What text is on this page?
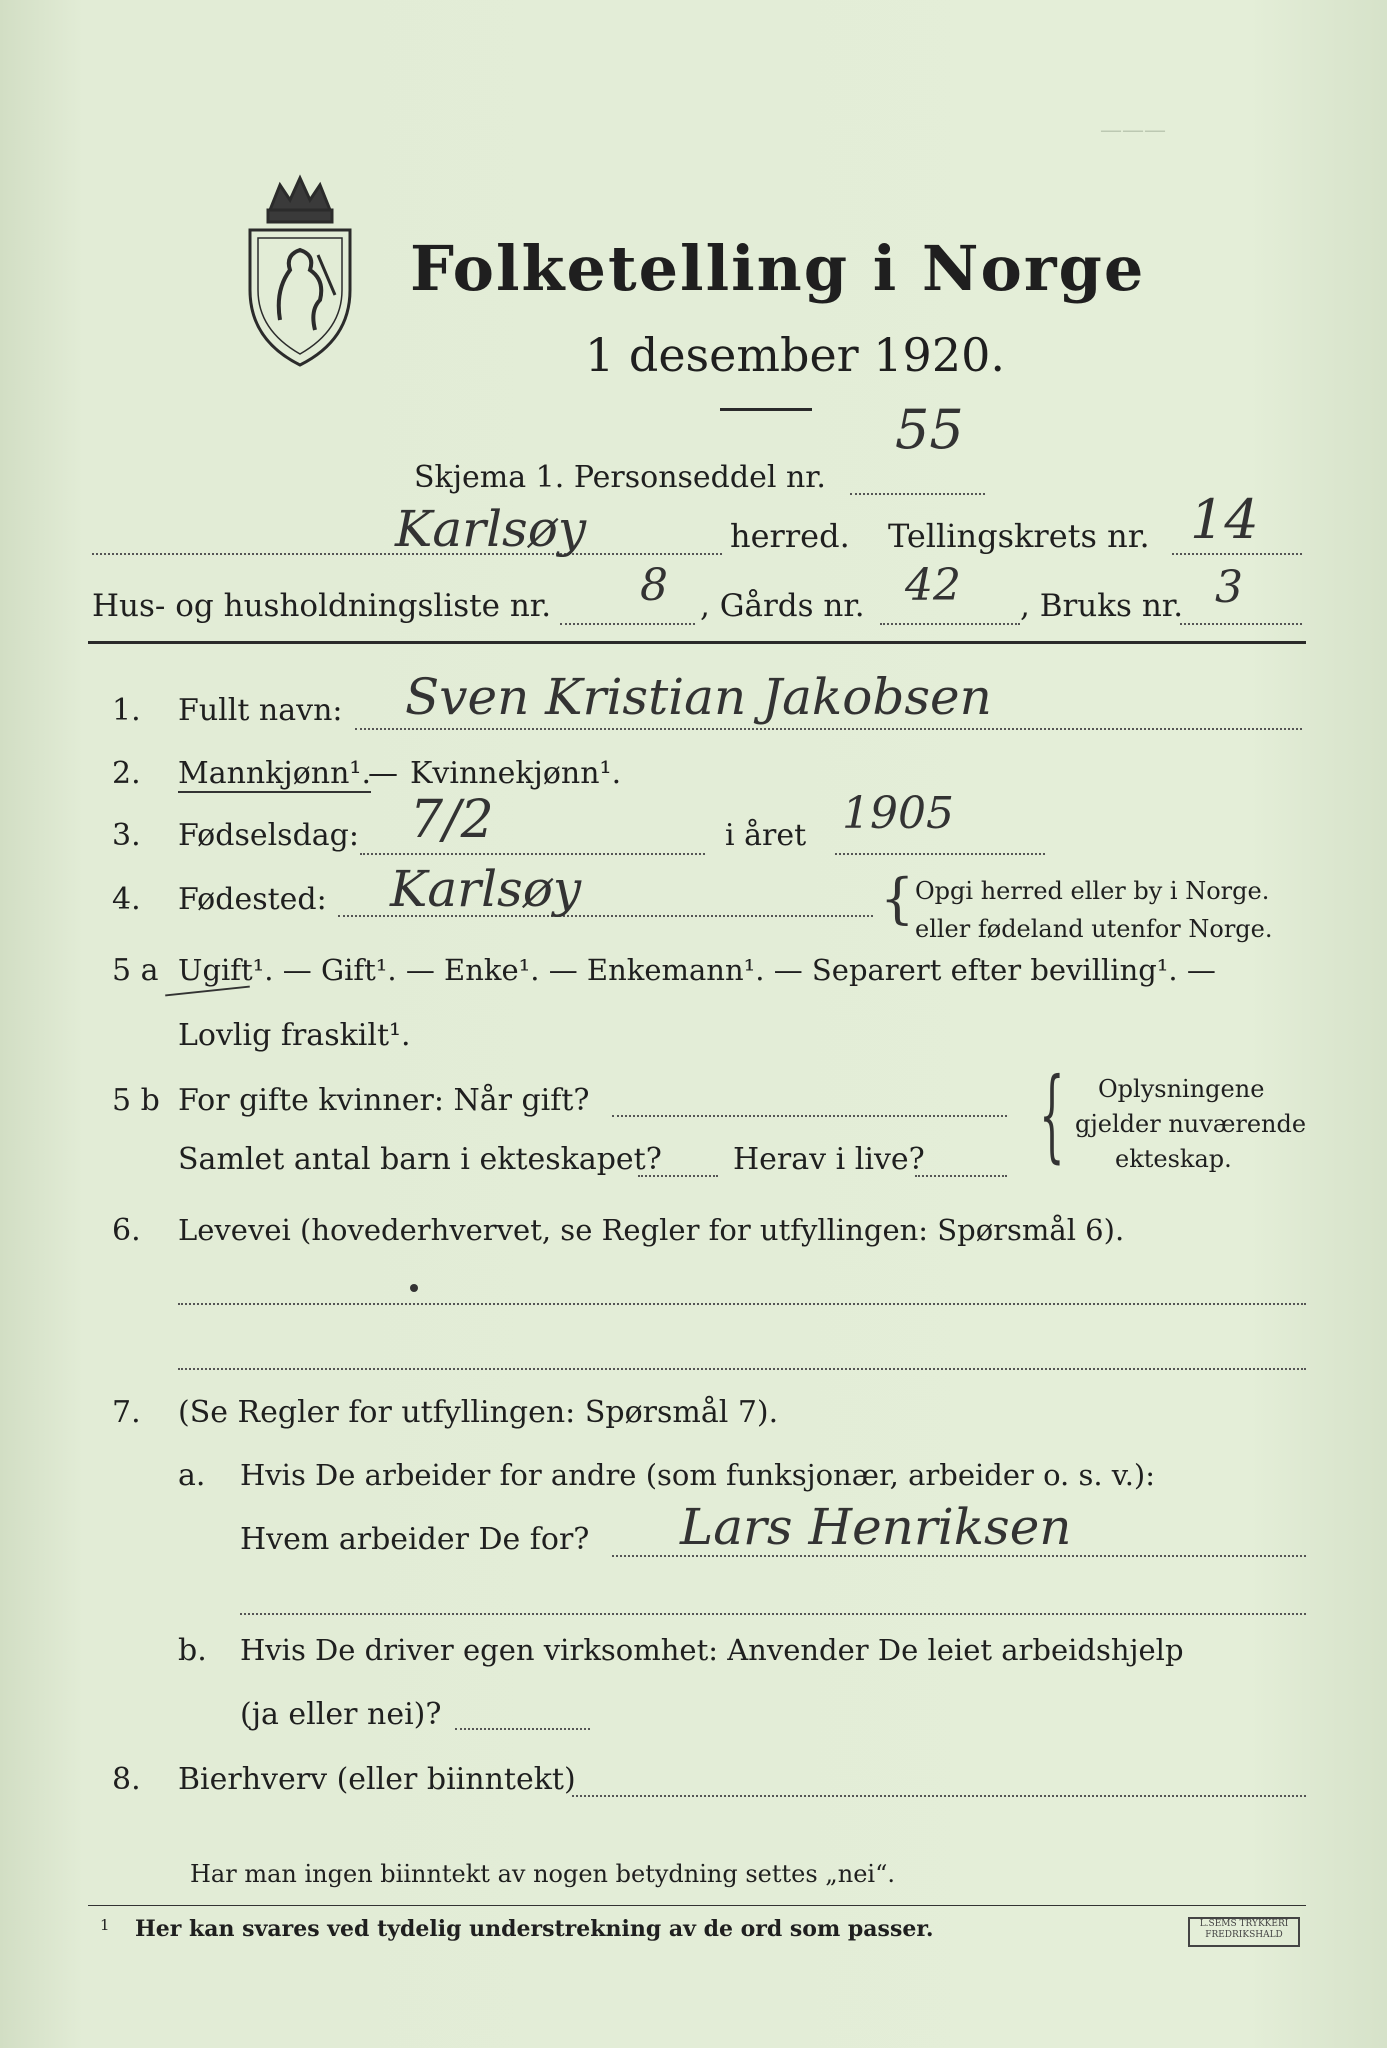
———
Folketelling i Norge
1 desember 1920.
Skjema 1. Personseddel nr.
55
Karlsøy	herred. Tellingskrets nr. 14
Hus- og husholdningsliste nr. 8 , Gårds nr. 42 , Bruks nr. 3
1. Fullt navn: Sven Kristian Jakobsen
2. Mannkjønn¹.
— Kvinnekjønn¹.
3. Fødselsdag: 7/2	i året 1905
4. Fødested: Karlsøy	{ Opgi herred eller by i Norge.
eller fødeland utenfor Norge.
5 a Ugift¹. — Gift¹. — Enke¹. — Enkemann¹. — Separert efter bevilling¹. —
Lovlig fraskilt¹.
5 b For gifte kvinner: Når gift?
Samlet antal barn i ekteskapet? Herav i live? { Oplysningene
gjelder nuværende
ekteskap.
6. Levevei (hovederhvervet, se Regler for utfyllingen: Spørsmål 6).
7. (Se Regler for utfyllingen: Spørsmål 7).
a. Hvis De arbeider for andre (som funksjonær, arbeider o. s. v.):
Hvem arbeider De for? Lars Henriksen
b. Hvis De driver egen virksomhet: Anvender De leiet arbeidshjelp
(ja eller nei)?
8. Bierhverv (eller biinntekt)
Har man ingen biinntekt av nogen betydning settes „nei“.
1 Her kan svares ved tydelig understrekning av de ord som passer.	L.SEMS TRYKKERI FREDRIKSHALD
